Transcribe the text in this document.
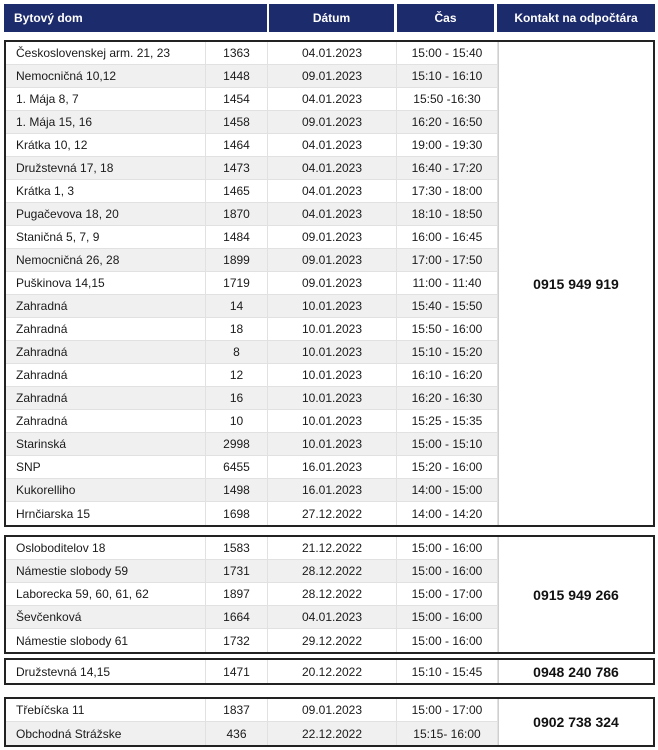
Bytový dom	Dátum	Čas	Kontakt na odpočtára
Československej arm. 21, 23	1363	04.01.2023	15:00 - 15:40
Nemocničná 10,12	1448	09.01.2023	15:10 - 16:10
1. Mája 8, 7	1454	04.01.2023	15:50 -16:30
1. Mája 15, 16	1458	09.01.2023	16:20 - 16:50
Krátka 10, 12	1464	04.01.2023	19:00 - 19:30
Družstevná 17, 18	1473	04.01.2023	16:40 - 17:20
Krátka 1, 3	1465	04.01.2023	17:30 - 18:00
Pugačevova 18, 20	1870	04.01.2023	18:10 - 18:50
Staničná 5, 7, 9	1484	09.01.2023	16:00 - 16:45
Nemocničná 26, 28	1899	09.01.2023	17:00 - 17:50
Puškinova 14,15	1719	09.01.2023	11:00 - 11:40
Zahradná	14	10.01.2023	15:40 - 15:50
Zahradná	18	10.01.2023	15:50 - 16:00
Zahradná	8	10.01.2023	15:10 - 15:20
Zahradná	12	10.01.2023	16:10 - 16:20
Zahradná	16	10.01.2023	16:20 - 16:30
Zahradná	10	10.01.2023	15:25 - 15:35
Starinská	2998	10.01.2023	15:00 - 15:10
SNP	6455	16.01.2023	15:20 - 16:00
Kukorelliho	1498	16.01.2023	14:00 - 15:00
Hrnčiarska 15	1698	27.12.2022	14:00 - 14:20
0915 949 919
Osloboditelov 18	1583	21.12.2022	15:00 - 16:00
Námestie slobody 59	1731	28.12.2022	15:00 - 16:00
Laborecka 59, 60, 61, 62	1897	28.12.2022	15:00 - 17:00
Ševčenková	1664	04.01.2023	15:00 - 16:00
Námestie slobody 61	1732	29.12.2022	15:00 - 16:00
0915 949 266
Družstevná 14,15	1471	20.12.2022	15:10 - 15:45	0948 240 786
Třebíčska 11	1837	09.01.2023	15:00 - 17:00
Obchodná Strážske	436	22.12.2022	15:15- 16:00
0902 738 324
